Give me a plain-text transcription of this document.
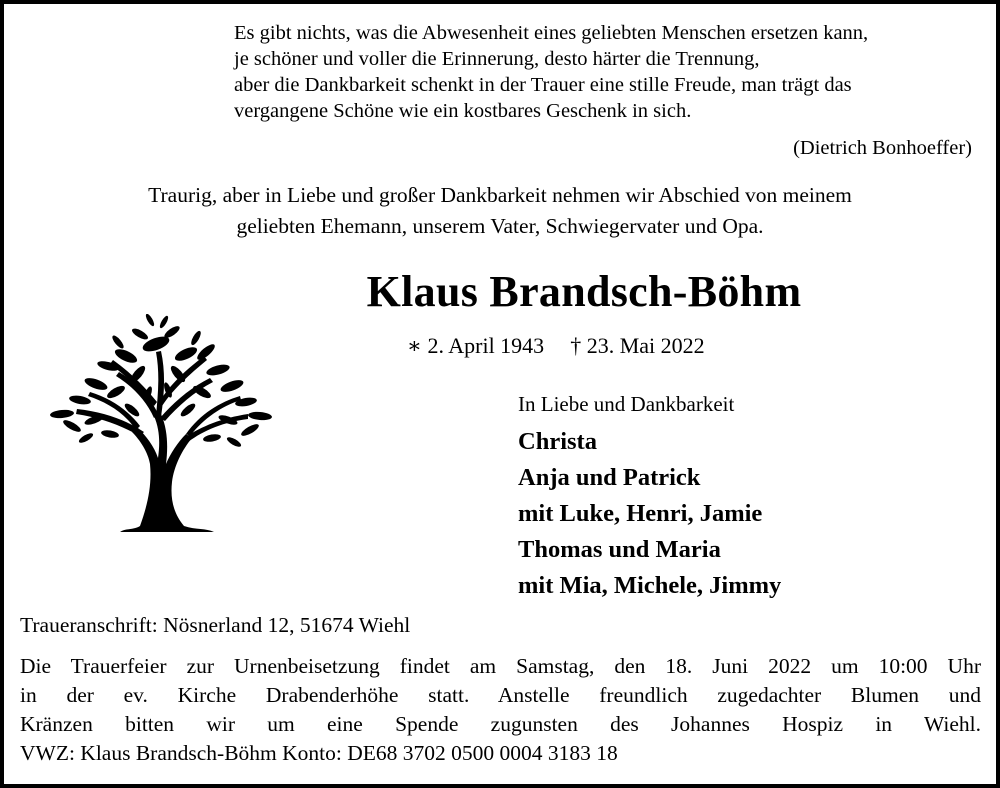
Es gibt nichts, was die Abwesenheit eines geliebten Menschen ersetzen kann,
je schöner und voller die Erinnerung, desto härter die Trennung,
aber die Dankbarkeit schenkt in der Trauer eine stille Freude, man trägt das
vergangene Schöne wie ein kostbares Geschenk in sich.
(Dietrich Bonhoeffer)
Traurig, aber in Liebe und großer Dankbarkeit nehmen wir Abschied von meinem
geliebten Ehemann, unserem Vater, Schwiegervater und Opa.
Klaus Brandsch-Böhm
∗ 2. April 1943 † 23. Mai 2022
In Liebe und Dankbarkeit
Christa
Anja und Patrick
mit Luke, Henri, Jamie
Thomas und Maria
mit Mia, Michele, Jimmy
Traueranschrift: Nösnerland 12, 51674 Wiehl
Die Trauerfeier zur Urnenbeisetzung findet am Samstag, den 18. Juni 2022 um 10:00 Uhr
in der ev. Kirche Drabenderhöhe statt. Anstelle freundlich zugedachter Blumen und
Kränzen bitten wir um eine Spende zugunsten des Johannes Hospiz in Wiehl.
VWZ: Klaus Brandsch-Böhm Konto: DE68 3702 0500 0004 3183 18
